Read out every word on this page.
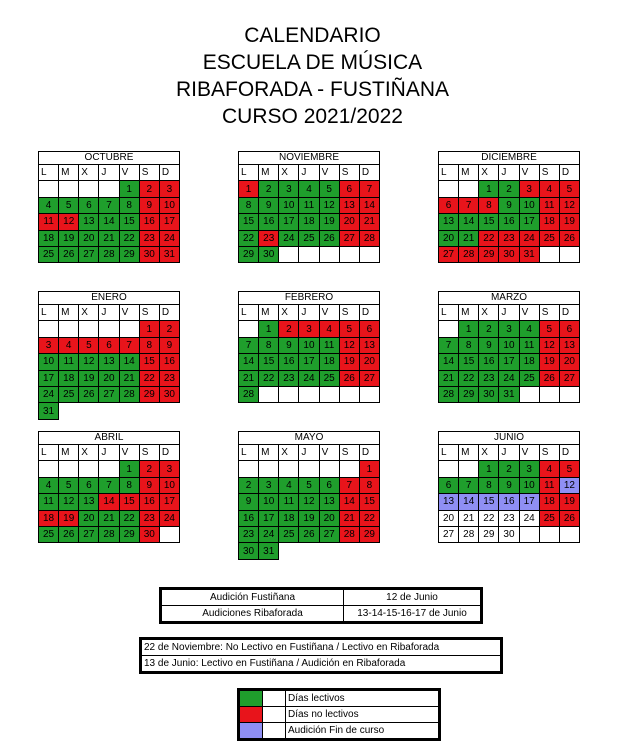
CALENDARIO
ESCUELA DE MÚSICA
RIBAFORADA - FUSTIÑANA
CURSO 2021/2022
OCTUBRE
L	M	X	J	V	S	D
				1	2	3
4	5	6	7	8	9	10
11	12	13	14	15	16	17
18	19	20	21	22	23	24
25	26	27	28	29	30	31
NOVIEMBRE
L	M	X	J	V	S	D
1	2	3	4	5	6	7
8	9	10	11	12	13	14
15	16	17	18	19	20	21
22	23	24	25	26	27	28
29	30					
DICIEMBRE
L	M	X	J	V	S	D
		1	2	3	4	5
6	7	8	9	10	11	12
13	14	15	16	17	18	19
20	21	22	23	24	25	26
27	28	29	30	31		
ENERO
L	M	X	J	V	S	D
					1	2
3	4	5	6	7	8	9
10	11	12	13	14	15	16
17	18	19	20	21	22	23
24	25	26	27	28	29	30
31						
FEBRERO
L	M	X	J	V	S	D
	1	2	3	4	5	6
7	8	9	10	11	12	13
14	15	16	17	18	19	20
21	22	23	24	25	26	27
28						
MARZO
L	M	X	J	V	S	D
	1	2	3	4	5	6
7	8	9	10	11	12	13
14	15	16	17	18	19	20
21	22	23	24	25	26	27
28	29	30	31			
ABRIL
L	M	X	J	V	S	D
				1	2	3
4	5	6	7	8	9	10
11	12	13	14	15	16	17
18	19	20	21	22	23	24
25	26	27	28	29	30	
MAYO
L	M	X	J	V	S	D
						1
2	3	4	5	6	7	8
9	10	11	12	13	14	15
16	17	18	19	20	21	22
23	24	25	26	27	28	29
30	31					
JUNIO
L	M	X	J	V	S	D
		1	2	3	4	5
6	7	8	9	10	11	12
13	14	15	16	17	18	19
20	21	22	23	24	25	26
27	28	29	30			
Audición Fustiñana	12 de Junio
Audiciones Ribaforada	13-14-15-16-17 de Junio
22 de Noviembre: No Lectivo en Fustiñana / Lectivo en Ribaforada
13 de Junio: Lectivo en Fustiñana / Audición en Ribaforada
		Días lectivos
		Días no lectivos
		Audición Fin de curso
